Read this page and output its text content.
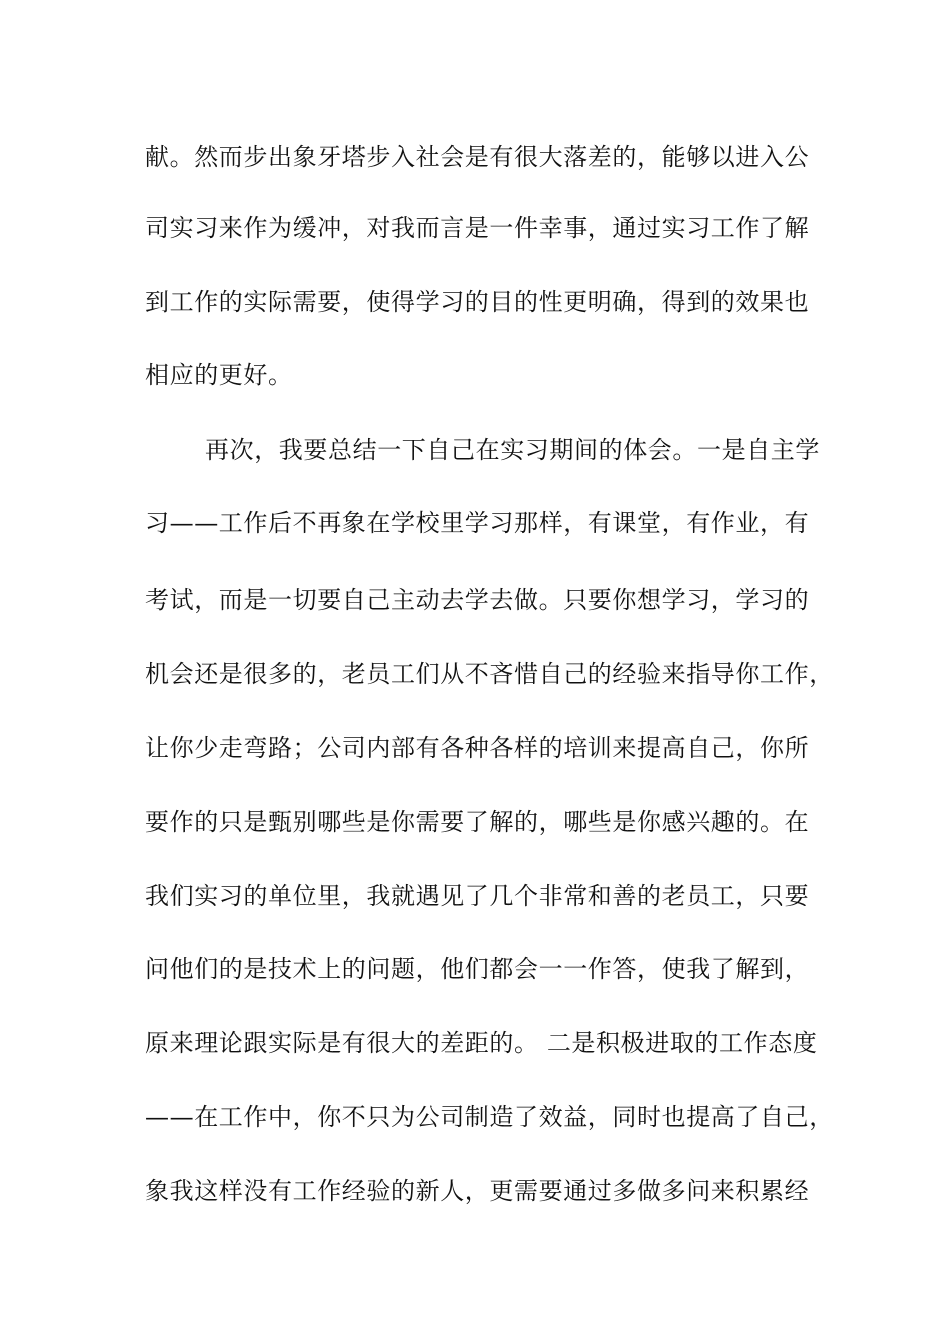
献。然而步出象牙塔步入社会是有很大落差的，能够以进入公
司实习来作为缓冲，对我而言是一件幸事，通过实习工作了解
到工作的实际需要，使得学习的目的性更明确，得到的效果也
相应的更好。
再次，我要总结一下自己在实习期间的体会。一是自主学
习——工作后不再象在学校里学习那样，有课堂，有作业，有
考试，而是一切要自己主动去学去做。只要你想学习，学习的
机会还是很多的，老员工们从不吝惜自己的经验来指导你工作，
让你少走弯路；公司内部有各种各样的培训来提高自己，你所
要作的只是甄别哪些是你需要了解的，哪些是你感兴趣的。在
我们实习的单位里，我就遇见了几个非常和善的老员工，只要
问他们的是技术上的问题，他们都会一一作答，使我了解到，
原来理论跟实际是有很大的差距的。 二是积极进取的工作态度
——在工作中，你不只为公司制造了效益，同时也提高了自己，
象我这样没有工作经验的新人，更需要通过多做多问来积累经
